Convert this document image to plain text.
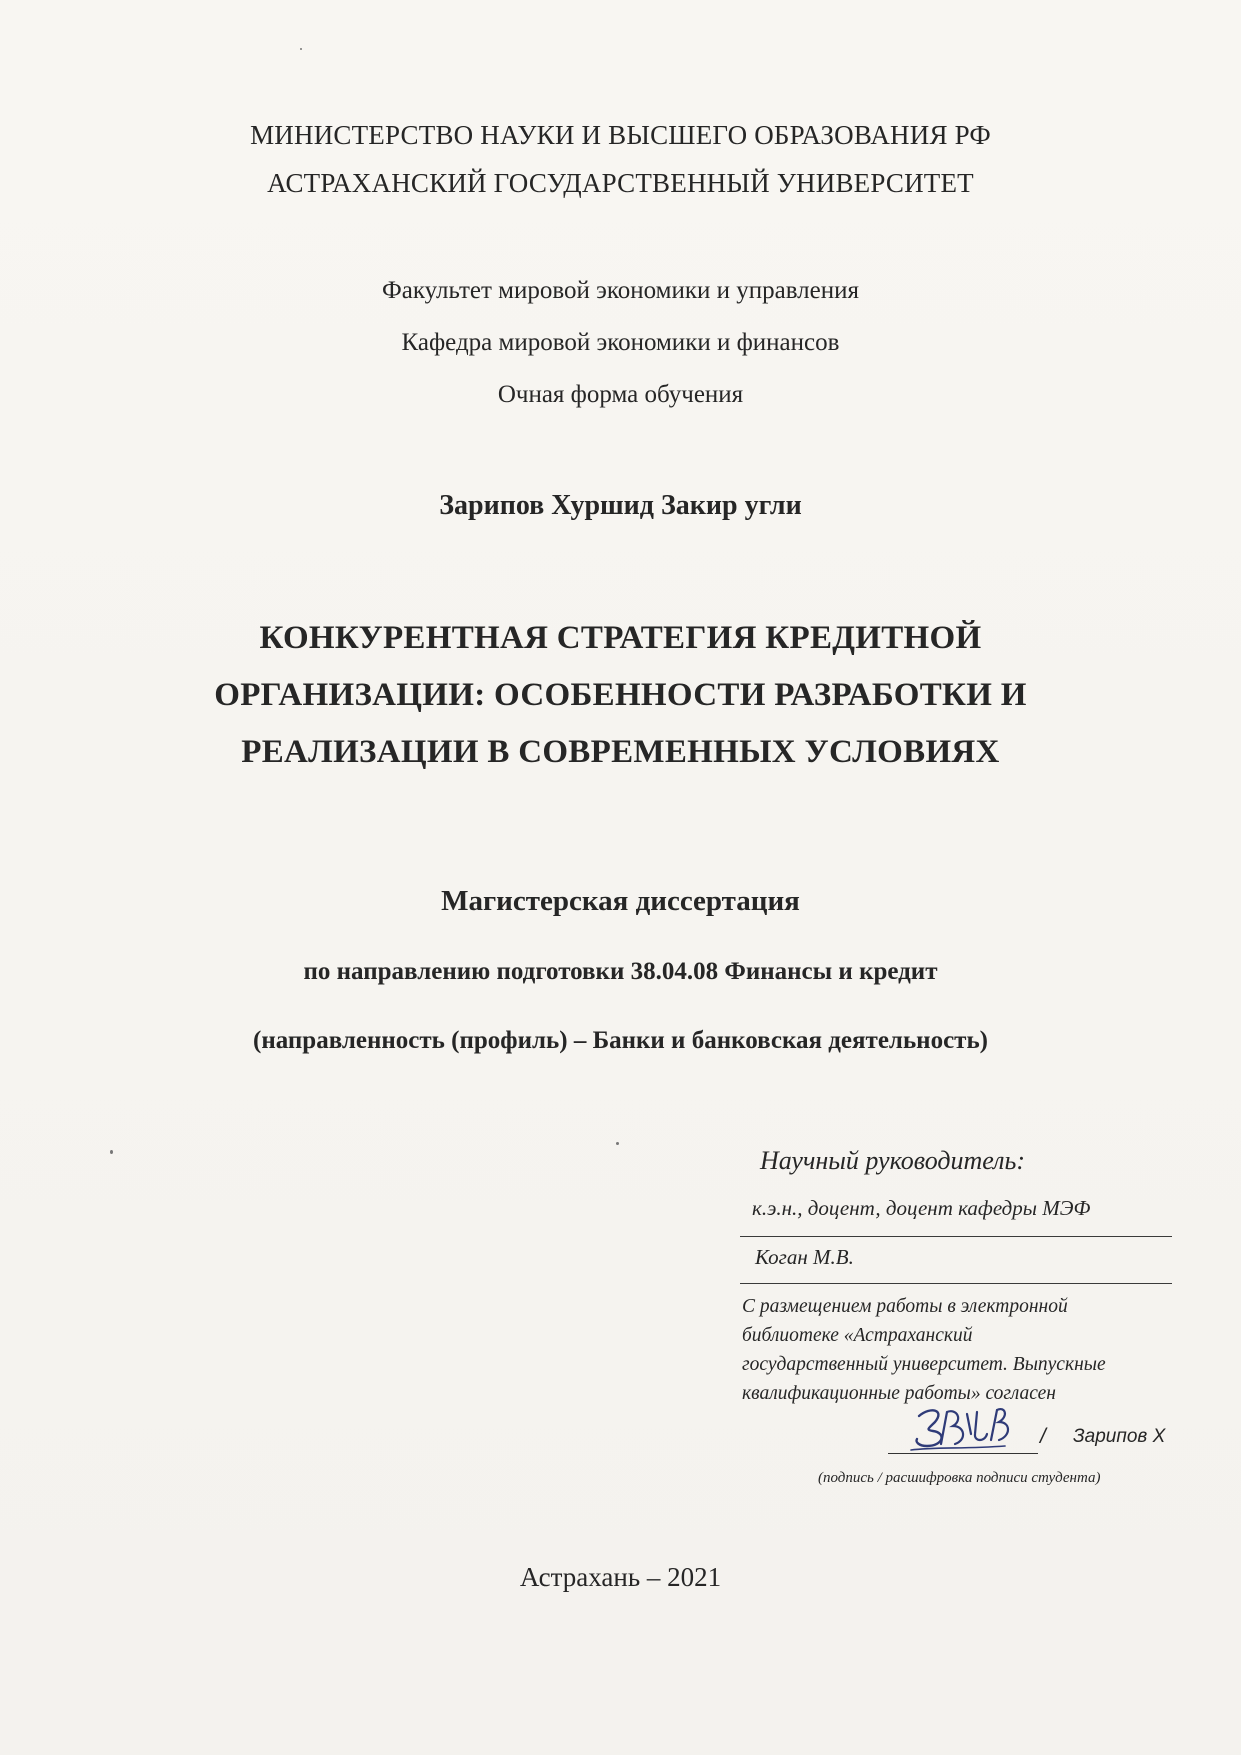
МИНИСТЕРСТВО НАУКИ И ВЫСШЕГО ОБРАЗОВАНИЯ РФ
АСТРАХАНСКИЙ ГОСУДАРСТВЕННЫЙ УНИВЕРСИТЕТ
Факультет мировой экономики и управления
Кафедра мировой экономики и финансов
Очная форма обучения
Зарипов Хуршид Закир угли
КОНКУРЕНТНАЯ СТРАТЕГИЯ КРЕДИТНОЙ
ОРГАНИЗАЦИИ: ОСОБЕННОСТИ РАЗРАБОТКИ И
РЕАЛИЗАЦИИ В СОВРЕМЕННЫХ УСЛОВИЯХ
Магистерская диссертация
по направлению подготовки 38.04.08 Финансы и кредит
(направленность (профиль) – Банки и банковская деятельность)
Научный руководитель:
к.э.н., доцент, доцент кафедры МЭФ
Коган М.В.
С размещением работы в электронной
библиотеке «Астраханский
государственный университет. Выпускные
квалификационные работы» согласен
/ Зарипов Х
(подпись / расшифровка подписи студента)
Астрахань – 2021
